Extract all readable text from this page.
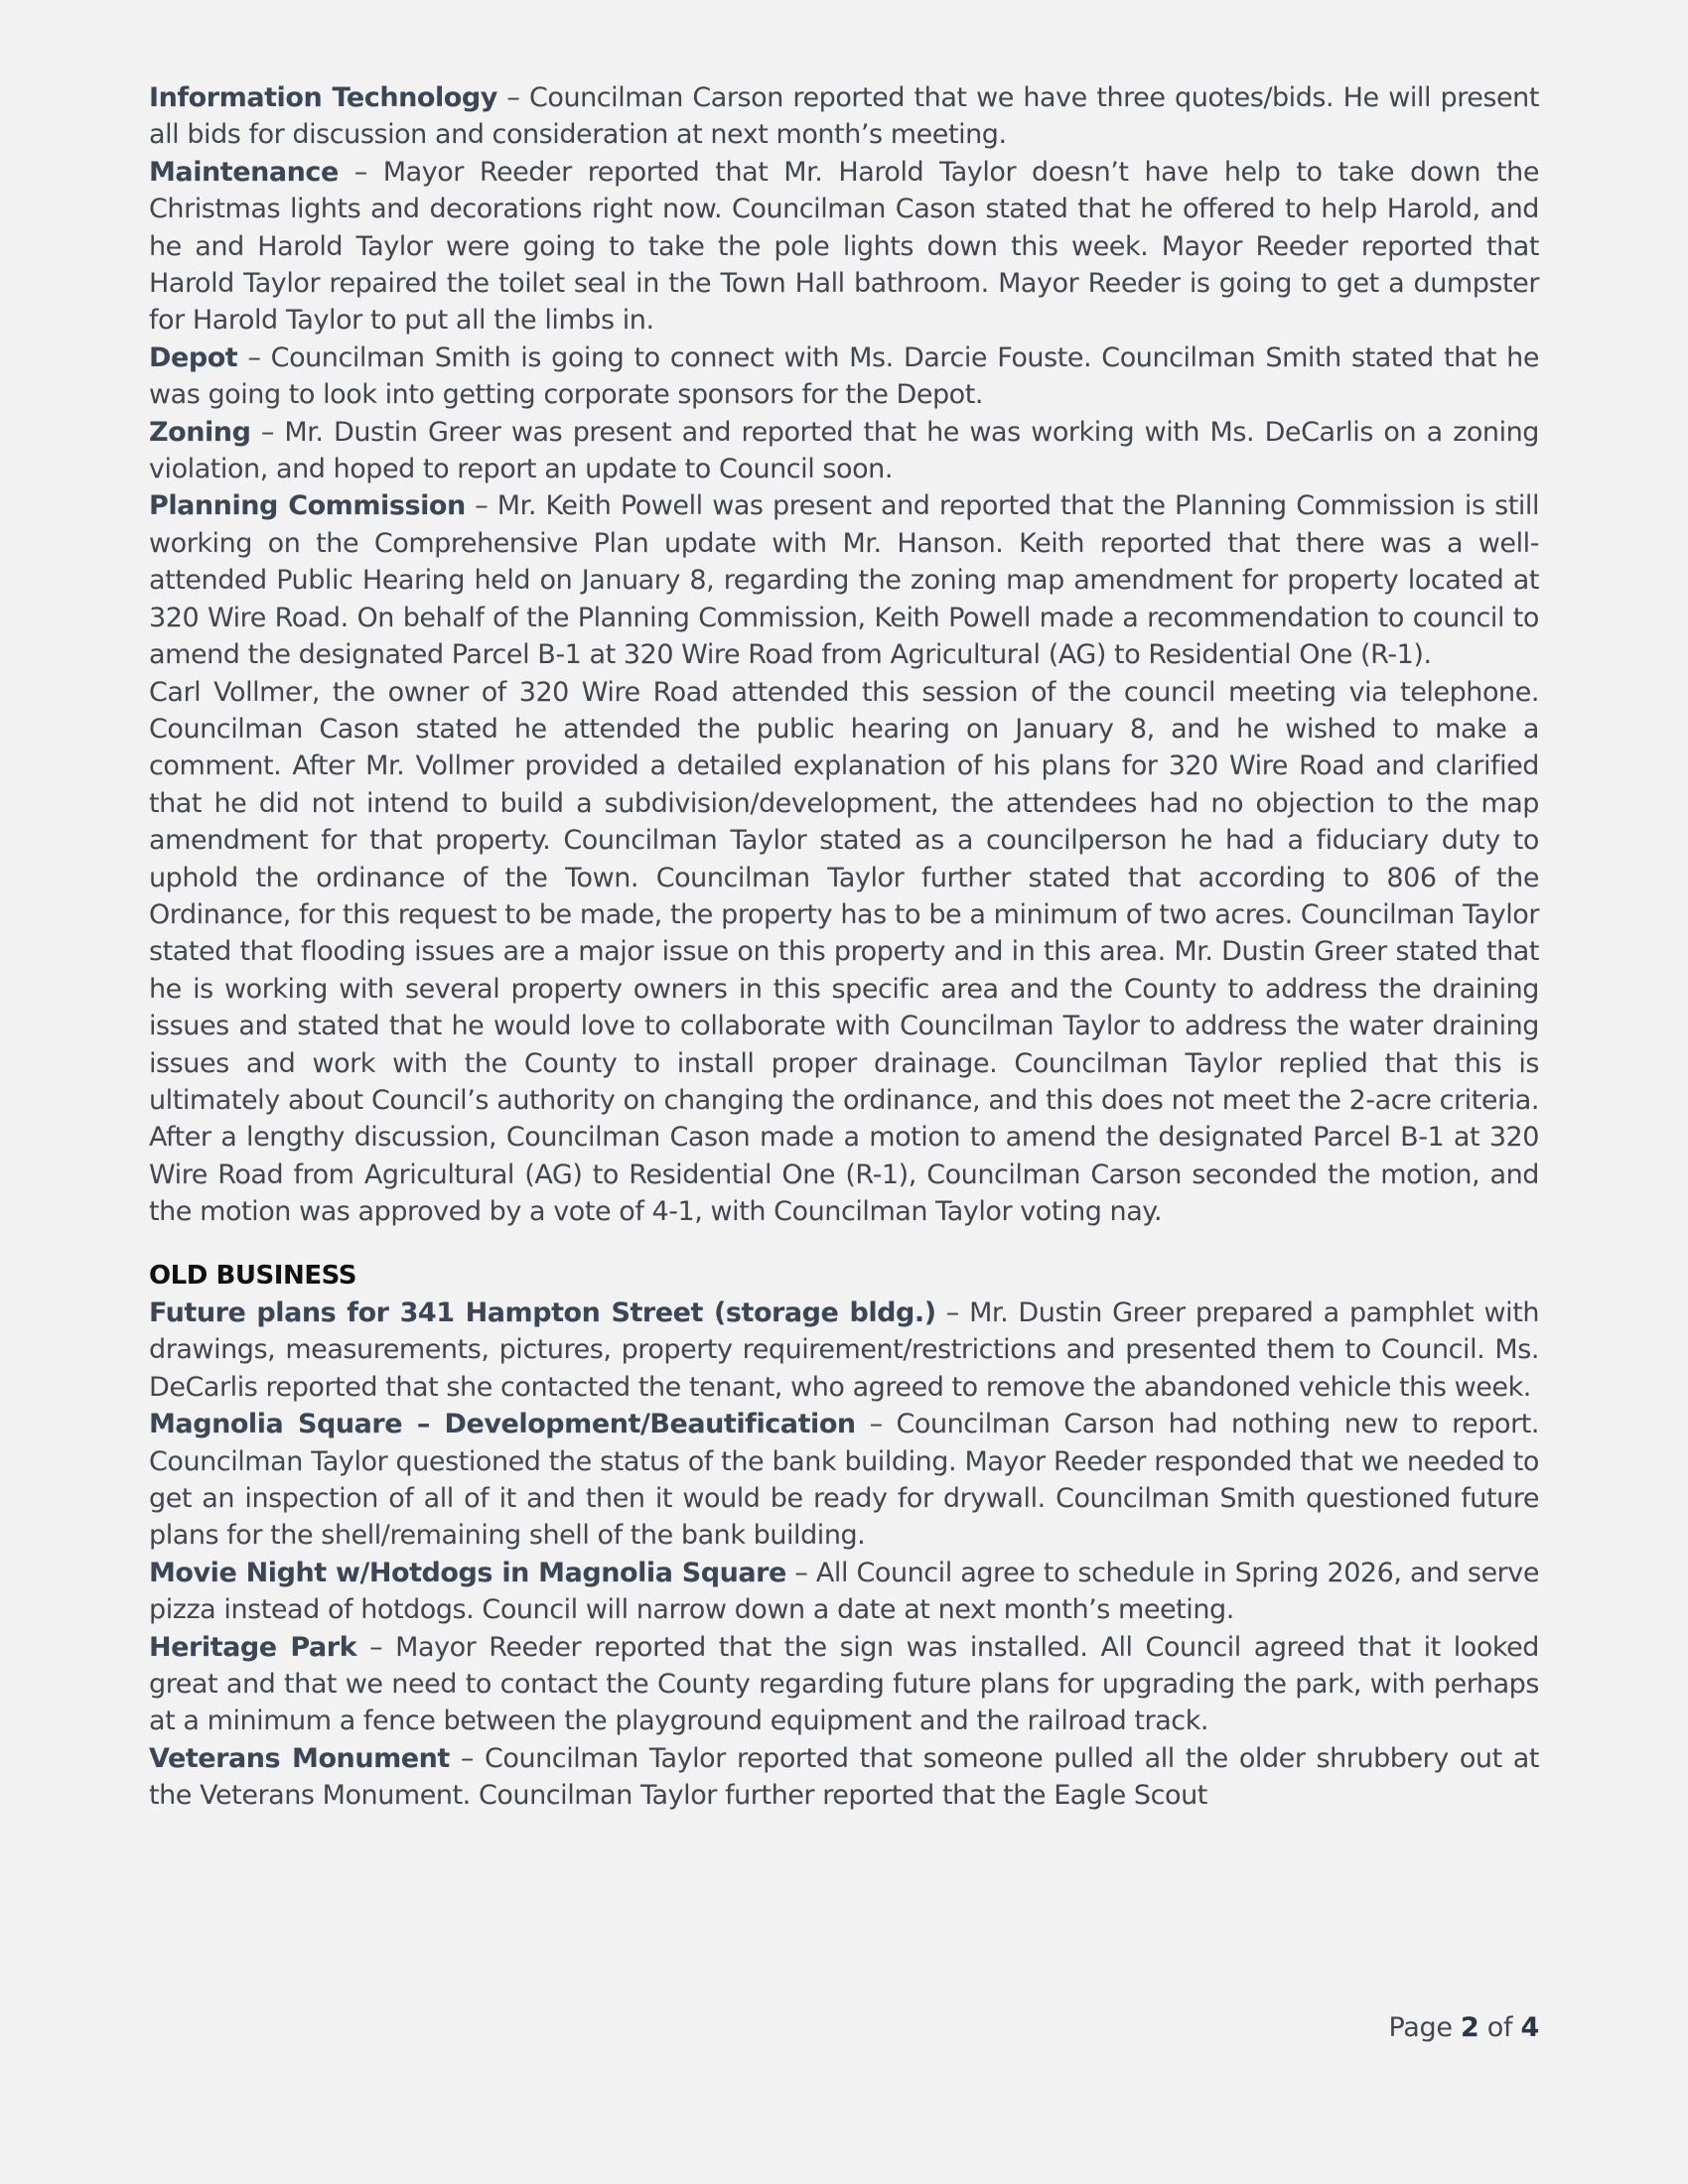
Information Technology – Councilman Carson reported that we have three quotes/bids. He will present all bids for discussion and consideration at next month’s meeting.

Maintenance – Mayor Reeder reported that Mr. Harold Taylor doesn’t have help to take down the Christmas lights and decorations right now. Councilman Cason stated that he offered to help Harold, and he and Harold Taylor were going to take the pole lights down this week. Mayor Reeder reported that Harold Taylor repaired the toilet seal in the Town Hall bathroom. Mayor Reeder is going to get a dumpster for Harold Taylor to put all the limbs in.

Depot – Councilman Smith is going to connect with Ms. Darcie Fouste. Councilman Smith stated that he was going to look into getting corporate sponsors for the Depot.

Zoning – Mr. Dustin Greer was present and reported that he was working with Ms. DeCarlis on a zoning violation, and hoped to report an update to Council soon.

Planning Commission – Mr. Keith Powell was present and reported that the Planning Commission is still working on the Comprehensive Plan update with Mr. Hanson. Keith reported that there was a well-attended Public Hearing held on January 8, regarding the zoning map amendment for property located at 320 Wire Road. On behalf of the Planning Commission, Keith Powell made a recommendation to council to amend the designated Parcel B-1 at 320 Wire Road from Agricultural (AG) to Residential One (R-1).

Carl Vollmer, the owner of 320 Wire Road attended this session of the council meeting via telephone. Councilman Cason stated he attended the public hearing on January 8, and he wished to make a comment. After Mr. Vollmer provided a detailed explanation of his plans for 320 Wire Road and clarified that he did not intend to build a subdivision/development, the attendees had no objection to the map amendment for that property. Councilman Taylor stated as a councilperson he had a fiduciary duty to uphold the ordinance of the Town. Councilman Taylor further stated that according to 806 of the Ordinance, for this request to be made, the property has to be a minimum of two acres. Councilman Taylor stated that flooding issues are a major issue on this property and in this area. Mr. Dustin Greer stated that he is working with several property owners in this specific area and the County to address the draining issues and stated that he would love to collaborate with Councilman Taylor to address the water draining issues and work with the County to install proper drainage. Councilman Taylor replied that this is ultimately about Council’s authority on changing the ordinance, and this does not meet the 2-acre criteria. After a lengthy discussion, Councilman Cason made a motion to amend the designated Parcel B-1 at 320 Wire Road from Agricultural (AG) to Residential One (R-1), Councilman Carson seconded the motion, and the motion was approved by a vote of 4-1, with Councilman Taylor voting nay.

OLD BUSINESS

Future plans for 341 Hampton Street (storage bldg.) – Mr. Dustin Greer prepared a pamphlet with drawings, measurements, pictures, property requirement/restrictions and presented them to Council. Ms. DeCarlis reported that she contacted the tenant, who agreed to remove the abandoned vehicle this week.

Magnolia Square – Development/Beautification – Councilman Carson had nothing new to report. Councilman Taylor questioned the status of the bank building. Mayor Reeder responded that we needed to get an inspection of all of it and then it would be ready for drywall. Councilman Smith questioned future plans for the shell/remaining shell of the bank building.

Movie Night w/Hotdogs in Magnolia Square – All Council agree to schedule in Spring 2026, and serve pizza instead of hotdogs. Council will narrow down a date at next month’s meeting.

Heritage Park – Mayor Reeder reported that the sign was installed. All Council agreed that it looked great and that we need to contact the County regarding future plans for upgrading the park, with perhaps at a minimum a fence between the playground equipment and the railroad track.

Veterans Monument – Councilman Taylor reported that someone pulled all the older shrubbery out at the Veterans Monument. Councilman Taylor further reported that the Eagle Scout

Page 2 of 4
